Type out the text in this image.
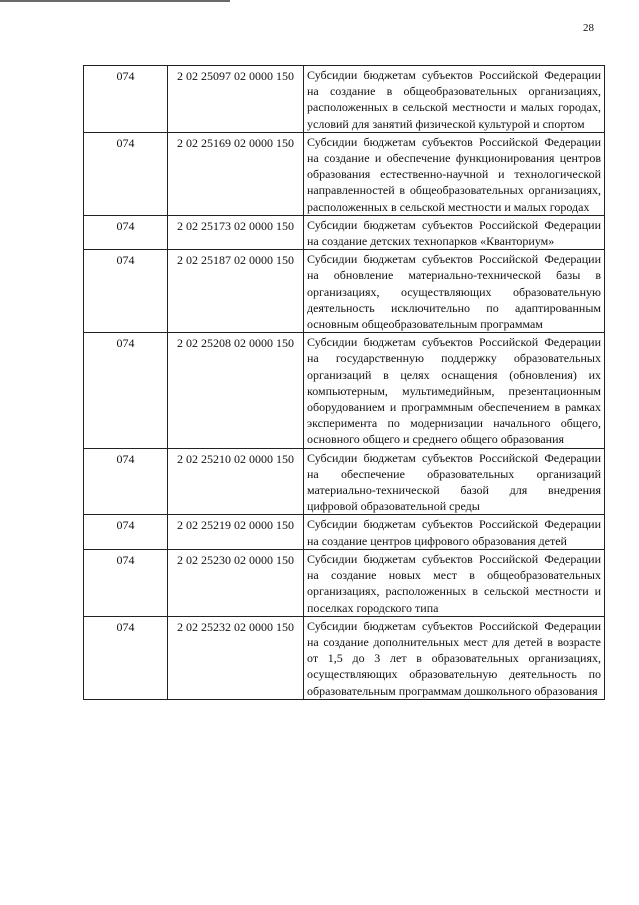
28
074	2 02 25097 02 0000 150	Субсидии бюджетам субъектов Российской Федерации на создание в общеобразовательных организациях, расположенных в сельской местности и малых городах, условий для занятий физической культурой и спортом
074	2 02 25169 02 0000 150	Субсидии бюджетам субъектов Российской Федерации на создание и обеспечение функционирования центров образования естественно-научной и технологической направленностей в общеобразовательных организациях, расположенных в сельской местности и малых городах
074	2 02 25173 02 0000 150	Субсидии бюджетам субъектов Российской Федерации на создание детских технопарков «Кванториум»
074	2 02 25187 02 0000 150	Субсидии бюджетам субъектов Российской Федерации на обновление материально-технической базы в организациях, осуществляющих образовательную деятельность исключительно по адаптированным основным общеобразовательным программам
074	2 02 25208 02 0000 150	Субсидии бюджетам субъектов Российской Федерации на государственную поддержку образовательных организаций в целях оснащения (обновления) их компьютерным, мультимедийным, презентационным оборудованием и программным обеспечением в рамках эксперимента по модернизации начального общего, основного общего и среднего общего образования
074	2 02 25210 02 0000 150	Субсидии бюджетам субъектов Российской Федерации на обеспечение образовательных организаций материально-технической базой для внедрения цифровой образовательной среды
074	2 02 25219 02 0000 150	Субсидии бюджетам субъектов Российской Федерации на создание центров цифрового образования детей
074	2 02 25230 02 0000 150	Субсидии бюджетам субъектов Российской Федерации на создание новых мест в общеобразовательных организациях, расположенных в сельской местности и поселках городского типа
074	2 02 25232 02 0000 150	Субсидии бюджетам субъектов Российской Федерации на создание дополнительных мест для детей в возрасте от 1,5 до 3 лет в образовательных организациях, осуществляющих образовательную деятельность по образовательным программам дошкольного образования
